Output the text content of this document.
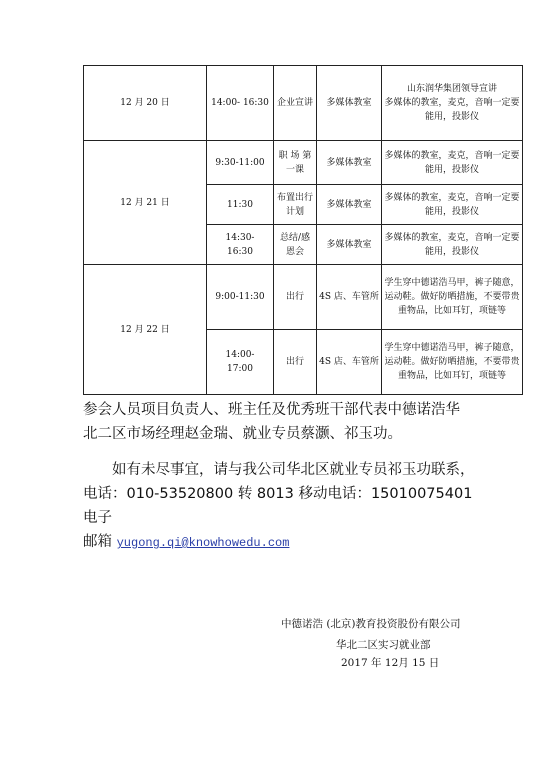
12 月 20 日	14:00- 16:30	企业宣讲	多媒体教室	山东润华集团领导宣讲
多媒体的教室，麦克，音响一定要能用，投影仪
12 月 21 日	9:30-11:00	职 场 第 一课	多媒体教室	多媒体的教室，麦克，音响一定要能用，投影仪
	11:30	布置出行计划	多媒体教室	多媒体的教室，麦克，音响一定要能用，投影仪
	14:30-
16:30	总结/感恩会	多媒体教室	多媒体的教室，麦克，音响一定要能用，投影仪
12 月 22 日	9:00-11:30	出行	4S 店、车管所	学生穿中德诺浩马甲，裤子随意，运动鞋。做好防晒措施，不要带贵重物品，比如耳钉，项链等
	14:00-
17:00	出行	4S 店、车管所	学生穿中德诺浩马甲，裤子随意，运动鞋。做好防晒措施，不要带贵重物品，比如耳钉，项链等
参会人员项目负责人、班主任及优秀班干部代表中德诺浩华
北二区市场经理赵金瑞、就业专员蔡灏、祁玉功。
如有未尽事宜，请与我公司华北区就业专员祁玉功联系，
电话：010-53520800 转 8013 移动电话：15010075401 电子
邮箱 yugong.qi@knowhowedu.com
中德诺浩 (北京)教育投资股份有限公司
华北二区实习就业部
2017 年 12月 15 日
